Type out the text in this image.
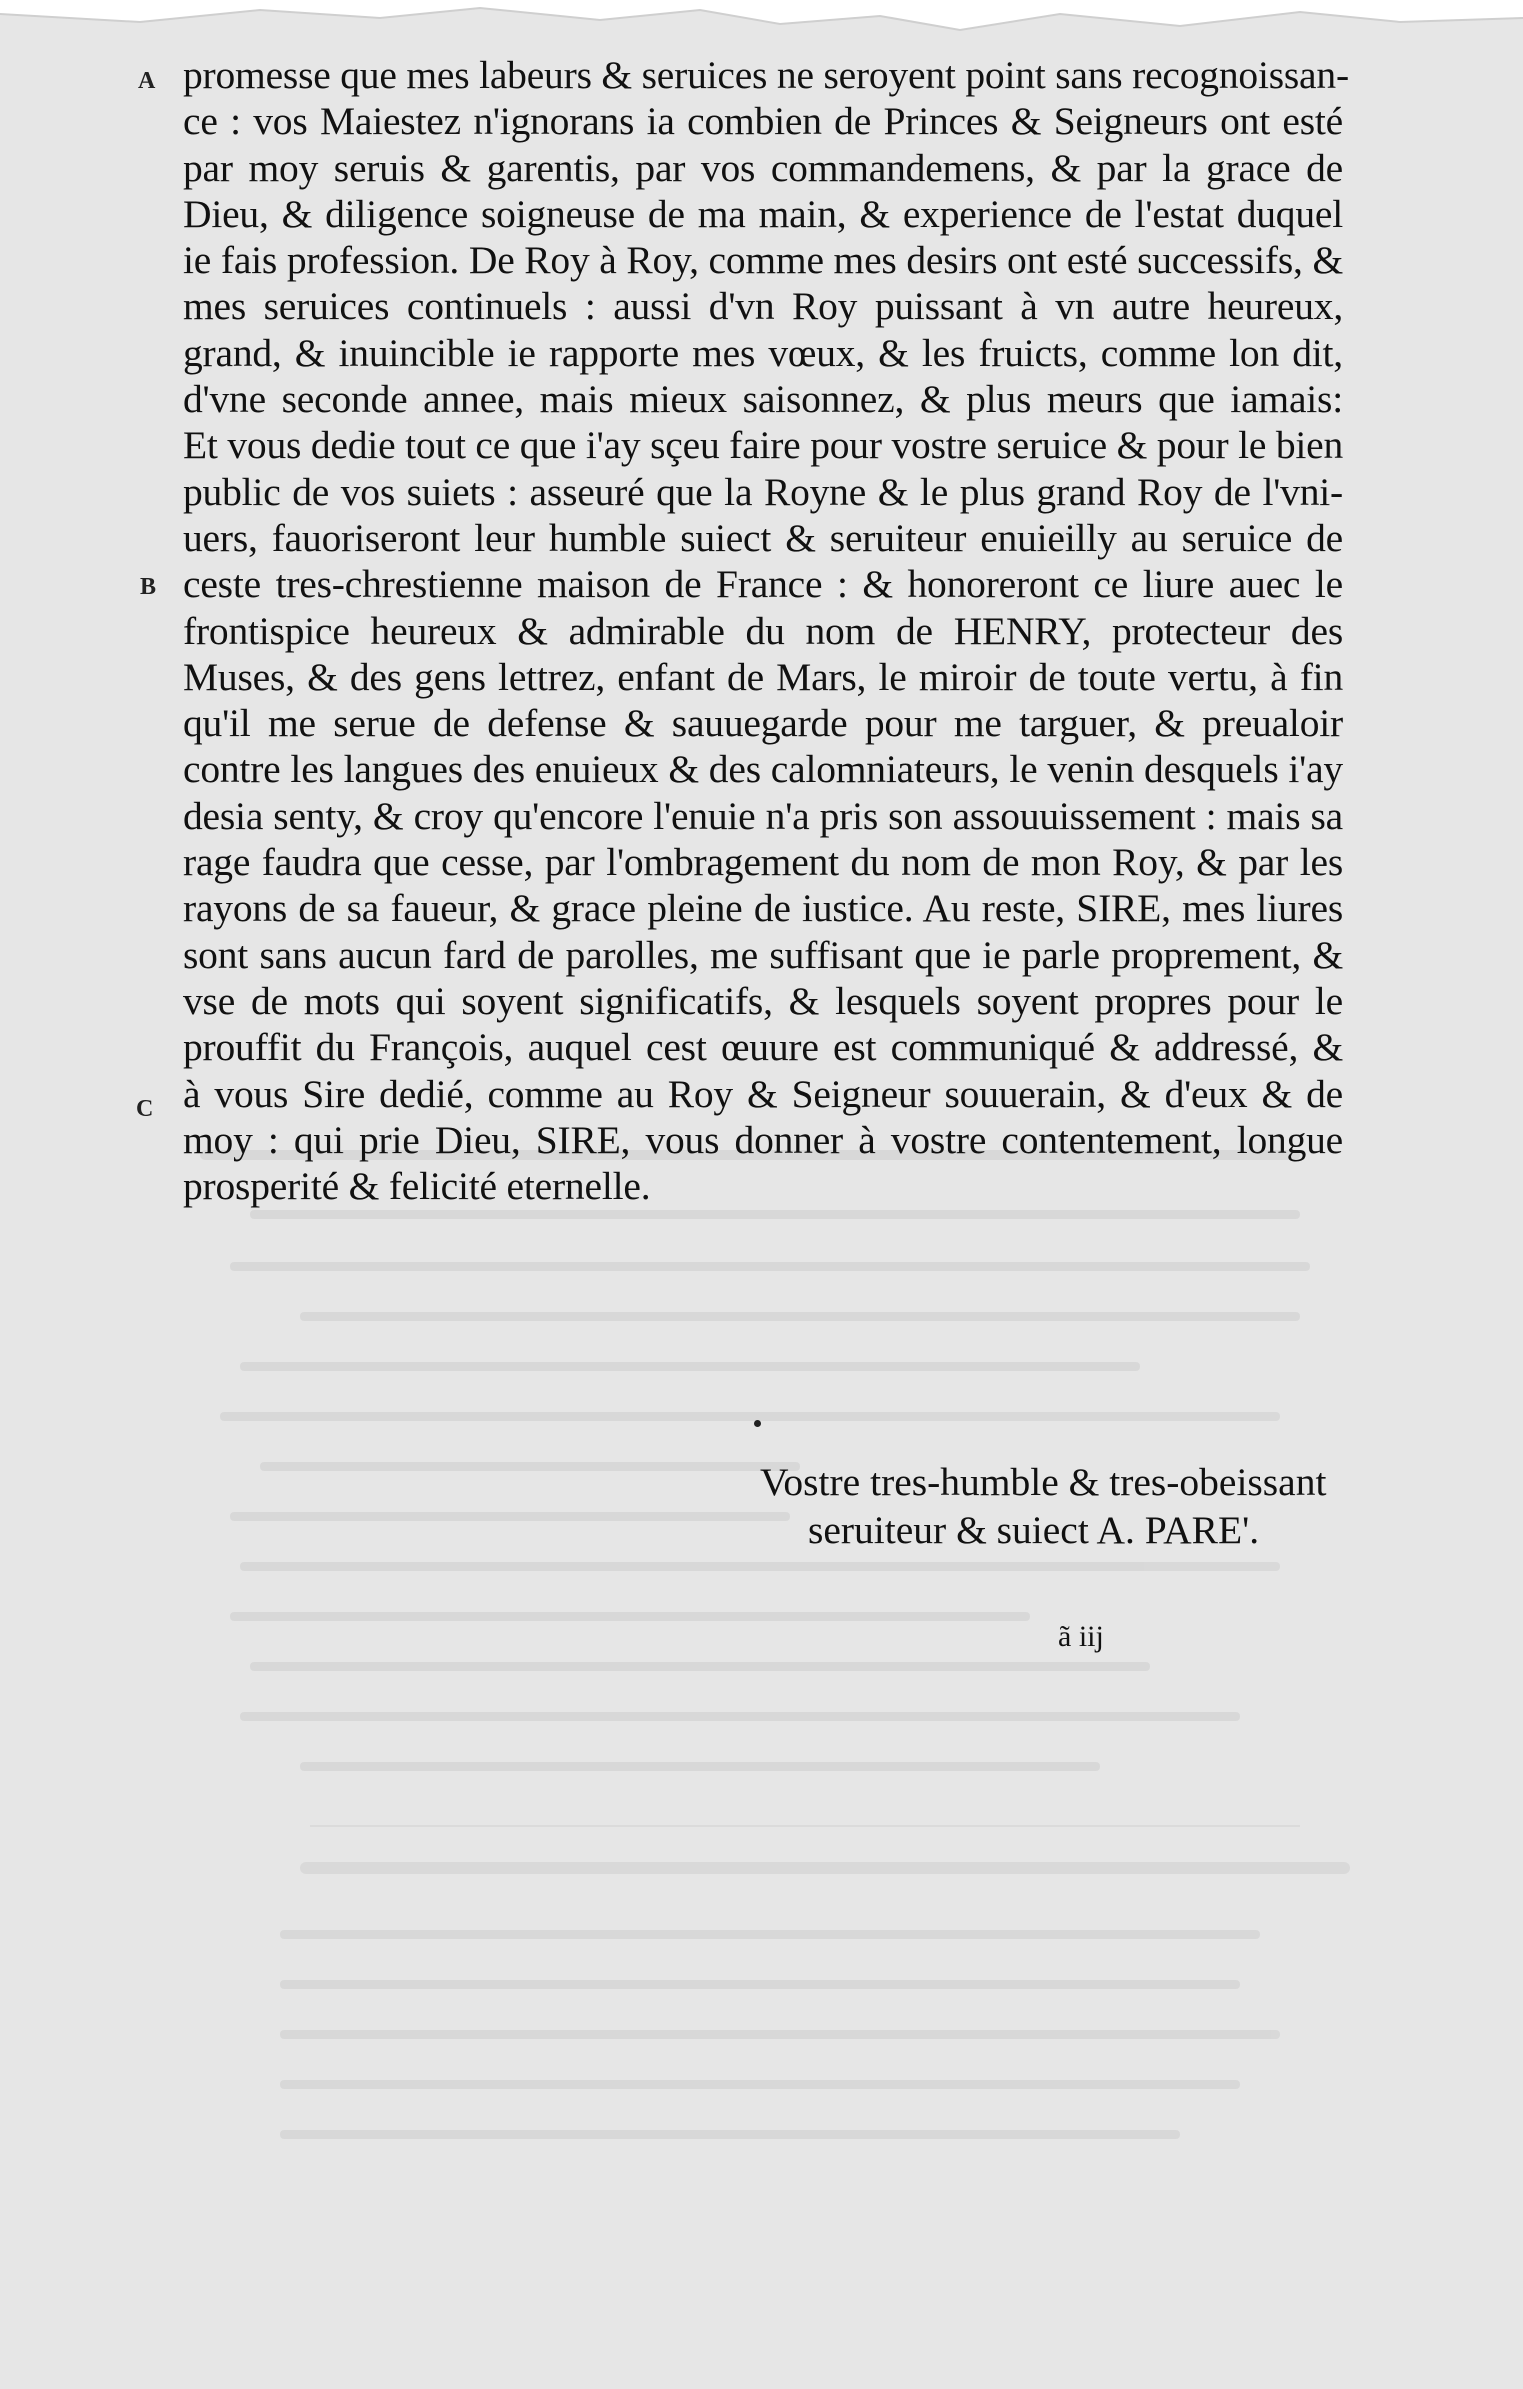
A
B
C
promesse que mes labeurs & seruices ne seroyent point sans recognoissan-
ce : vos Maiestez n'ignorans ia combien de Princes & Seigneurs ont esté
par moy seruis & garentis, par vos commandemens, & par la grace de
Dieu, & diligence soigneuse de ma main, & experience de l'estat duquel
ie fais profession. De Roy à Roy, comme mes desirs ont esté successifs, &
mes seruices continuels : aussi d'vn Roy puissant à vn autre heureux,
grand, & inuincible ie rapporte mes vœux, & les fruicts, comme lon dit,
d'vne seconde annee, mais mieux saisonnez, & plus meurs que iamais:
Et vous dedie tout ce que i'ay sçeu faire pour vostre seruice & pour le bien
public de vos suiets : asseuré que la Royne & le plus grand Roy de l'vni-
uers, fauoriseront leur humble suiect & seruiteur enuieilly au seruice de
ceste tres-chrestienne maison de France : & honoreront ce liure auec le
frontispice heureux & admirable du nom de HENRY, protecteur des
Muses, & des gens lettrez, enfant de Mars, le miroir de toute vertu, à fin
qu'il me serue de defense & sauuegarde pour me targuer, & preualoir
contre les langues des enuieux & des calomniateurs, le venin desquels i'ay
desia senty, & croy qu'encore l'enuie n'a pris son assouuissement : mais sa
rage faudra que cesse, par l'ombragement du nom de mon Roy, & par les
rayons de sa faueur, & grace pleine de iustice. Au reste, SIRE, mes liures
sont sans aucun fard de parolles, me suffisant que ie parle proprement, &
vse de mots qui soyent significatifs, & lesquels soyent propres pour le
prouffit du François, auquel cest œuure est communiqué & addressé, &
à vous Sire dedié, comme au Roy & Seigneur souuerain, & d'eux & de
moy : qui prie Dieu, SIRE, vous donner à vostre contentement, longue
prosperité & felicité eternelle.
Vostre tres-humble & tres-obeissant
seruiteur & suiect A. PARE'.
ã iij
